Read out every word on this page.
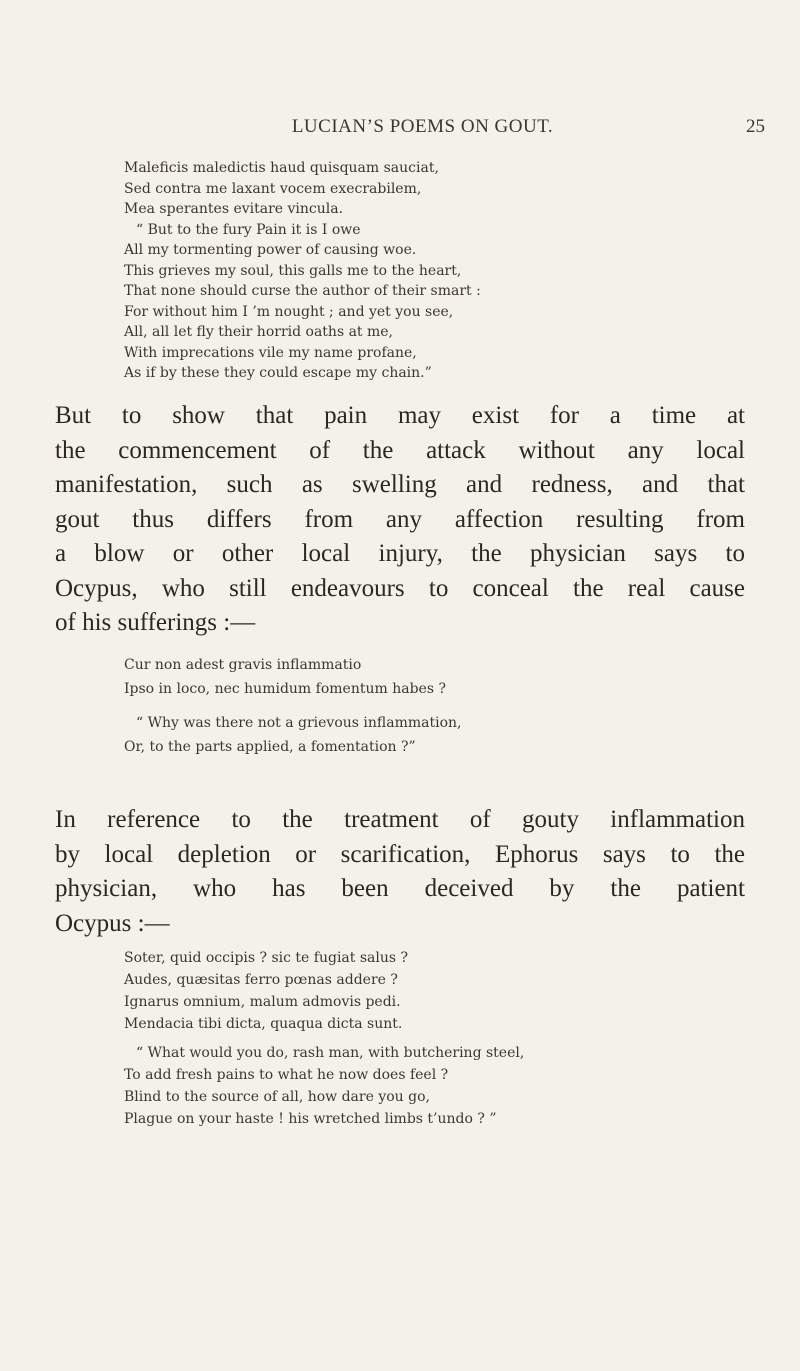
LUCIAN’S POEMS ON GOUT.	25
Maleficis maledictis haud quisquam sauciat,
Sed contra me laxant vocem execrabilem,
Mea sperantes evitare vincula.
“ But to the fury Pain it is I owe
All my tormenting power of causing woe.
This grieves my soul, this galls me to the heart,
That none should curse the author of their smart :
For without him I ’m nought ; and yet you see,
All, all let fly their horrid oaths at me,
With imprecations vile my name profane,
As if by these they could escape my chain.”
But to show that pain may exist for a time at
the commencement of the attack without any local
manifestation, such as swelling and redness, and that
gout thus differs from any affection resulting from
a blow or other local injury, the physician says to
Ocypus, who still endeavours to conceal the real cause
of his sufferings :—
Cur non adest gravis inflammatio
Ipso in loco, nec humidum fomentum habes ?
“ Why was there not a grievous inflammation,
Or, to the parts applied, a fomentation ?”
In reference to the treatment of gouty inflammation
by local depletion or scarification, Ephorus says to the
physician, who has been deceived by the patient
Ocypus :—
Soter, quid occipis ? sic te fugiat salus ?
Audes, quæsitas ferro pœnas addere ?
Ignarus omnium, malum admovis pedi.
Mendacia tibi dicta, quaqua dicta sunt.
“ What would you do, rash man, with butchering steel,
To add fresh pains to what he now does feel ?
Blind to the source of all, how dare you go,
Plague on your haste ! his wretched limbs t’undo ? ”
